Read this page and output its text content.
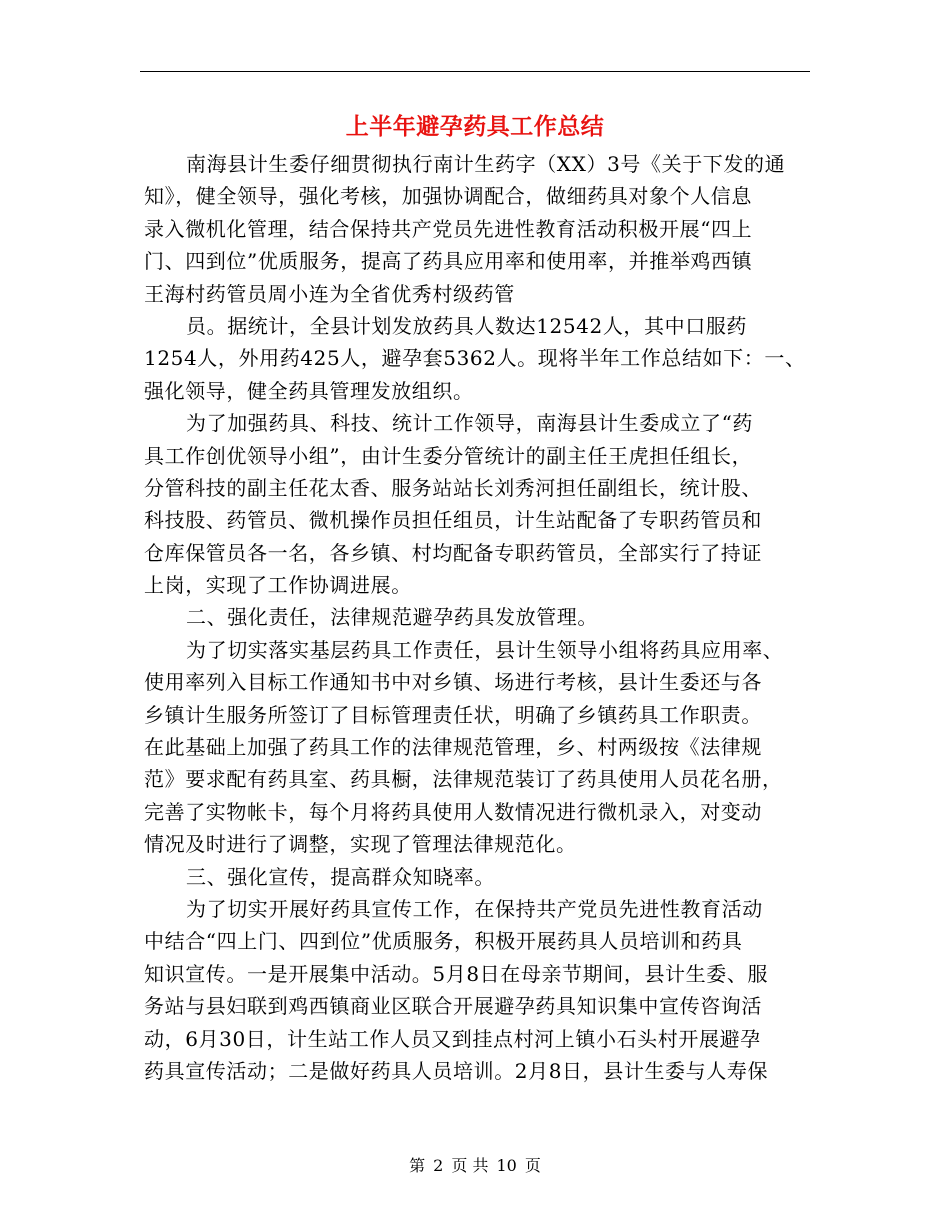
上半年避孕药具工作总结
南海县计生委仔细贯彻执行南计生药字（XX）3号《关于下发的通
知》，健全领导，强化考核，加强协调配合，做细药具对象个人信息
录入微机化管理，结合保持共产党员先进性教育活动积极开展“四上
门、四到位”优质服务，提高了药具应用率和使用率，并推举鸡西镇
王海村药管员周小连为全省优秀村级药管
员。据统计，全县计划发放药具人数达12542人，其中口服药
1254人，外用药425人，避孕套5362人。现将半年工作总结如下：一、
强化领导，健全药具管理发放组织。
为了加强药具、科技、统计工作领导，南海县计生委成立了“药
具工作创优领导小组”，由计生委分管统计的副主任王虎担任组长，
分管科技的副主任花太香、服务站站长刘秀河担任副组长，统计股、
科技股、药管员、微机操作员担任组员，计生站配备了专职药管员和
仓库保管员各一名，各乡镇、村均配备专职药管员，全部实行了持证
上岗，实现了工作协调进展。
二、强化责任，法律规范避孕药具发放管理。
为了切实落实基层药具工作责任，县计生领导小组将药具应用率、
使用率列入目标工作通知书中对乡镇、场进行考核，县计生委还与各
乡镇计生服务所签订了目标管理责任状，明确了乡镇药具工作职责。
在此基础上加强了药具工作的法律规范管理，乡、村两级按《法律规
范》要求配有药具室、药具橱，法律规范装订了药具使用人员花名册，
完善了实物帐卡，每个月将药具使用人数情况进行微机录入，对变动
情况及时进行了调整，实现了管理法律规范化。
三、强化宣传，提高群众知晓率。
为了切实开展好药具宣传工作，在保持共产党员先进性教育活动
中结合“四上门、四到位”优质服务，积极开展药具人员培训和药具
知识宣传。一是开展集中活动。5月8日在母亲节期间，县计生委、服
务站与县妇联到鸡西镇商业区联合开展避孕药具知识集中宣传咨询活
动，6月30日，计生站工作人员又到挂点村河上镇小石头村开展避孕
药具宣传活动；二是做好药具人员培训。2月8日，县计生委与人寿保
第 2 页 共 10 页
